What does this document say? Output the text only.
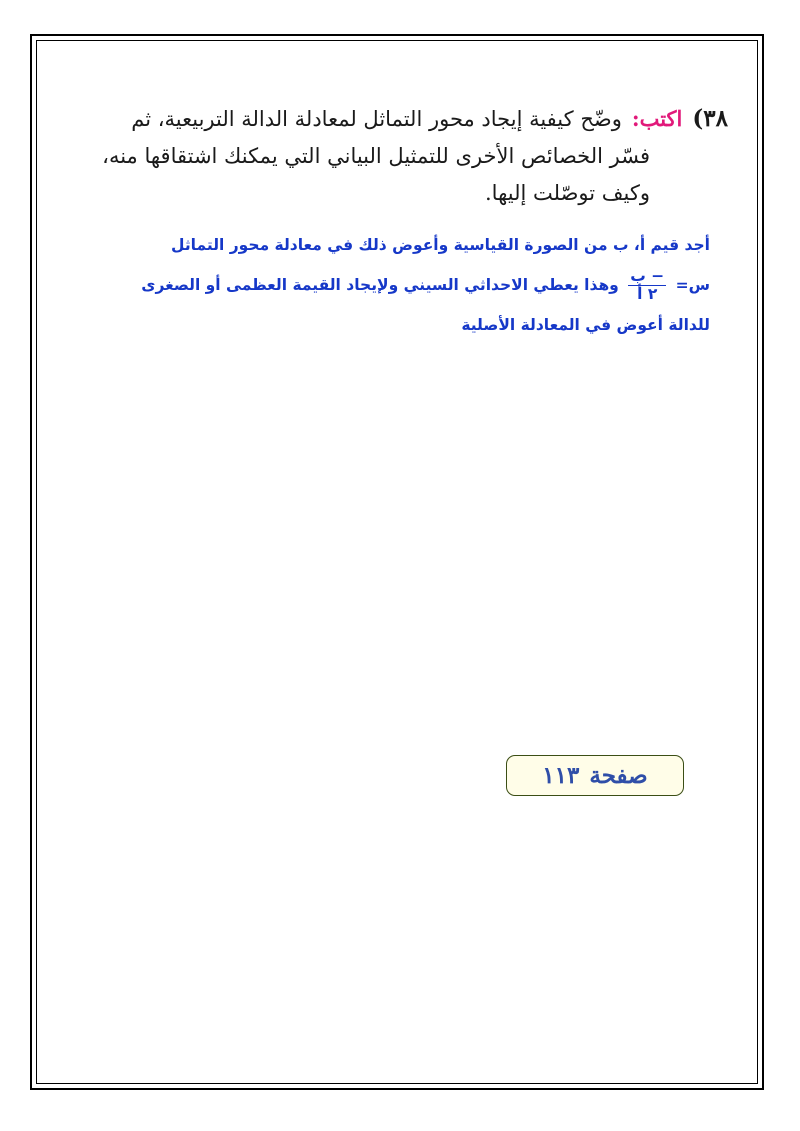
٣٨)
اكتب:
وضّح كيفية إيجاد محور التماثل لمعادلة الدالة التربيعية، ثم
فسّر الخصائص الأخرى للتمثيل البياني التي يمكنك اشتقاقها منه،
وكيف توصّلت إليها.
أجد قيم أ، ب من الصورة القياسية وأعوض ذلك في معادلة محور التماثل
س=
$\frac{\text{− ب}}{\text{٢ أ}}$
وهذا يعطي الاحداثي السيني ولإيجاد القيمة العظمى أو الصغرى
للدالة أعوض في المعادلة الأصلية
صفحة
١١٣
